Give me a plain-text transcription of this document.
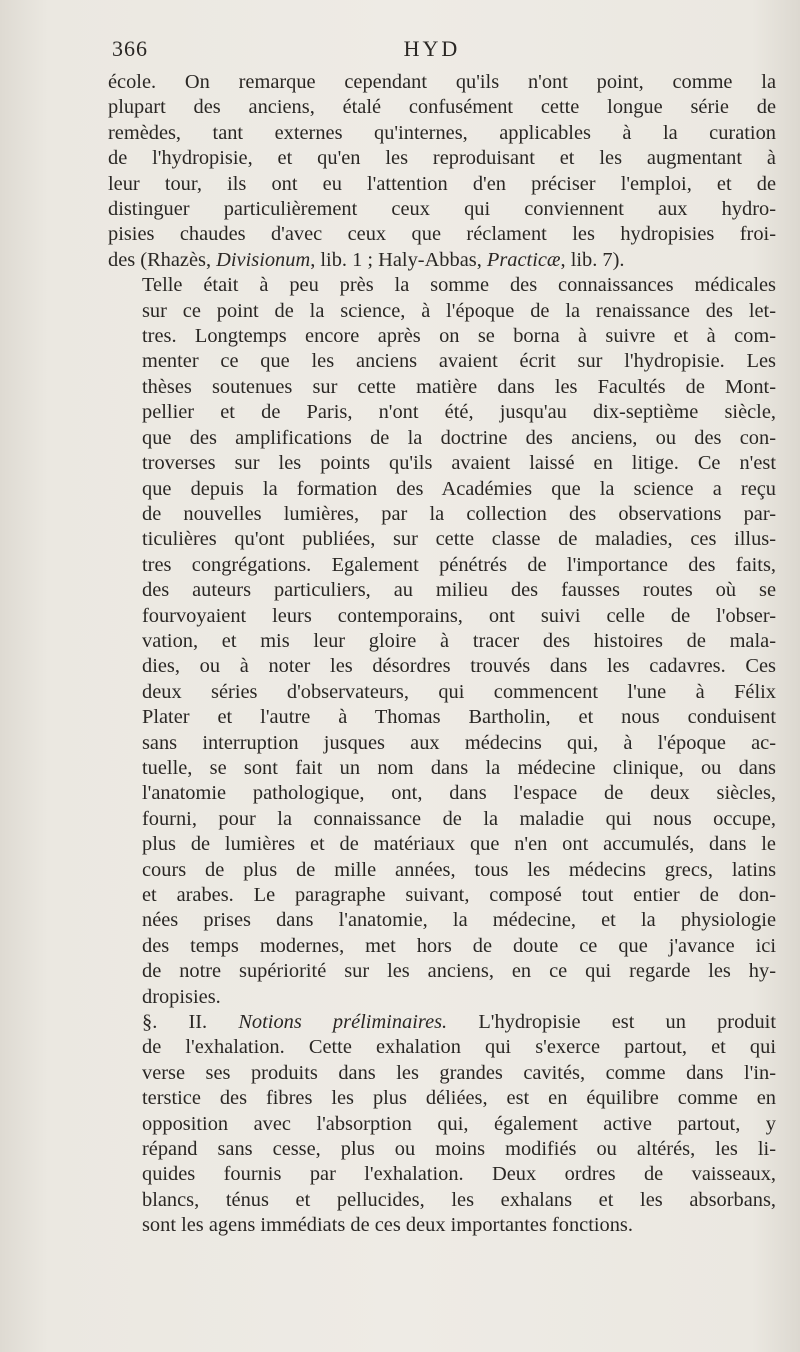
366	HYD

école. On remarque cependant qu'ils n'ont point, comme la
plupart des anciens, étalé confusément cette longue série de
remèdes, tant externes qu'internes, applicables à la curation
de l'hydropisie, et qu'en les reproduisant et les augmentant à
leur tour, ils ont eu l'attention d'en préciser l'emploi, et de
distinguer particulièrement ceux qui conviennent aux hydro-
pisies chaudes d'avec ceux que réclament les hydropisies froi-
des (Rhazès, Divisionum, lib. 1 ; Haly-Abbas, Practicæ, lib. 7).

Telle était à peu près la somme des connaissances médicales
sur ce point de la science, à l'époque de la renaissance des let-
tres. Longtemps encore après on se borna à suivre et à com-
menter ce que les anciens avaient écrit sur l'hydropisie. Les
thèses soutenues sur cette matière dans les Facultés de Mont-
pellier et de Paris, n'ont été, jusqu'au dix-septième siècle,
que des amplifications de la doctrine des anciens, ou des con-
troverses sur les points qu'ils avaient laissé en litige. Ce n'est
que depuis la formation des Académies que la science a reçu
de nouvelles lumières, par la collection des observations par-
ticulières qu'ont publiées, sur cette classe de maladies, ces illus-
tres congrégations. Egalement pénétrés de l'importance des faits,
des auteurs particuliers, au milieu des fausses routes où se
fourvoyaient leurs contemporains, ont suivi celle de l'obser-
vation, et mis leur gloire à tracer des histoires de mala-
dies, ou à noter les désordres trouvés dans les cadavres. Ces
deux séries d'observateurs, qui commencent l'une à Félix
Plater et l'autre à Thomas Bartholin, et nous conduisent
sans interruption jusques aux médecins qui, à l'époque ac-
tuelle, se sont fait un nom dans la médecine clinique, ou dans
l'anatomie pathologique, ont, dans l'espace de deux siècles,
fourni, pour la connaissance de la maladie qui nous occupe,
plus de lumières et de matériaux que n'en ont accumulés, dans le
cours de plus de mille années, tous les médecins grecs, latins
et arabes. Le paragraphe suivant, composé tout entier de don-
nées prises dans l'anatomie, la médecine, et la physiologie
des temps modernes, met hors de doute ce que j'avance ici
de notre supériorité sur les anciens, en ce qui regarde les hy-
dropisies.

§. II. Notions préliminaires. L'hydropisie est un produit
de l'exhalation. Cette exhalation qui s'exerce partout, et qui
verse ses produits dans les grandes cavités, comme dans l'in-
terstice des fibres les plus déliées, est en équilibre comme en
opposition avec l'absorption qui, également active partout, y
répand sans cesse, plus ou moins modifiés ou altérés, les li-
quides fournis par l'exhalation. Deux ordres de vaisseaux,
blancs, ténus et pellucides, les exhalans et les absorbans,
sont les agens immédiats de ces deux importantes fonctions.
